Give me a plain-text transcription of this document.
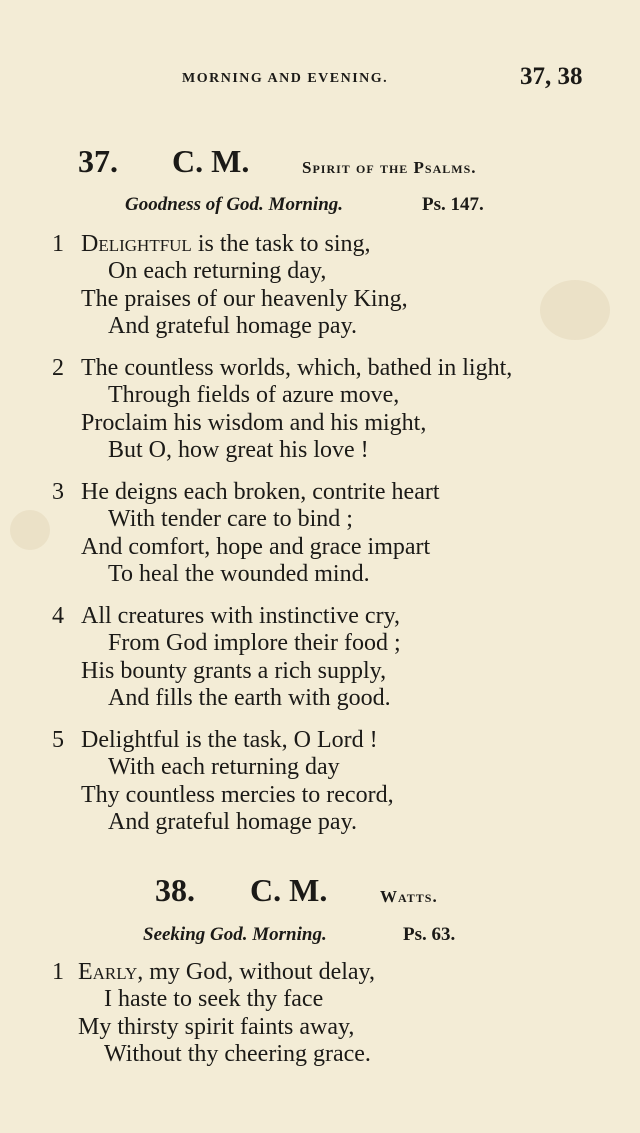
MORNING AND EVENING.	37, 38
37. C. M.	Spirit of the Psalms.
Goodness of God. Morning.	Ps. 147.
1 Delightful is the task to sing,
On each returning day,
The praises of our heavenly King,
And grateful homage pay.
2 The countless worlds, which, bathed in light,
Through fields of azure move,
Proclaim his wisdom and his might,
But O, how great his love !
3 He deigns each broken, contrite heart
With tender care to bind ;
And comfort, hope and grace impart
To heal the wounded mind.
4 All creatures with instinctive cry,
From God implore their food ;
His bounty grants a rich supply,
And fills the earth with good.
5 Delightful is the task, O Lord !
With each returning day
Thy countless mercies to record,
And grateful homage pay.
38. C. M.	Watts.
Seeking God. Morning.	Ps. 63.
1 Early, my God, without delay,
I haste to seek thy face
My thirsty spirit faints away,
Without thy cheering grace.
